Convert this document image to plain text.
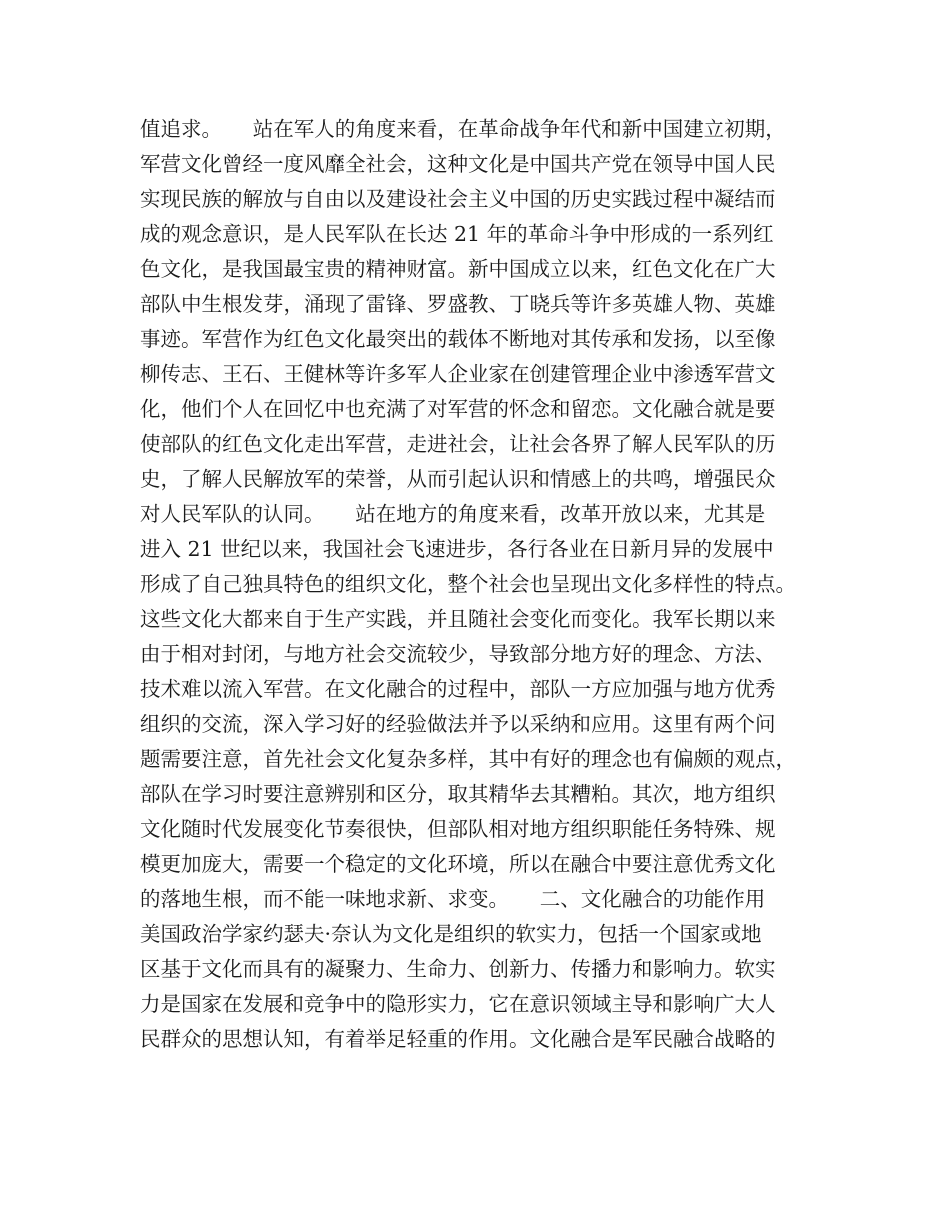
值追求。　　站在军人的角度来看，在革命战争年代和新中国建立初期，
军营文化曾经一度风靡全社会，这种文化是中国共产党在领导中国人民
实现民族的解放与自由以及建设社会主义中国的历史实践过程中凝结而
成的观念意识，是人民军队在长达 21 年的革命斗争中形成的一系列红
色文化，是我国最宝贵的精神财富。新中国成立以来，红色文化在广大
部队中生根发芽，涌现了雷锋、罗盛教、丁晓兵等许多英雄人物、英雄
事迹。军营作为红色文化最突出的载体不断地对其传承和发扬，以至像
柳传志、王石、王健林等许多军人企业家在创建管理企业中渗透军营文
化，他们个人在回忆中也充满了对军营的怀念和留恋。文化融合就是要
使部队的红色文化走出军营，走进社会，让社会各界了解人民军队的历
史，了解人民解放军的荣誉，从而引起认识和情感上的共鸣，增强民众
对人民军队的认同。　　站在地方的角度来看，改革开放以来，尤其是
进入 21 世纪以来，我国社会飞速进步，各行各业在日新月异的发展中
形成了自己独具特色的组织文化，整个社会也呈现出文化多样性的特点。
这些文化大都来自于生产实践，并且随社会变化而变化。我军长期以来
由于相对封闭，与地方社会交流较少，导致部分地方好的理念、方法、
技术难以流入军营。在文化融合的过程中，部队一方应加强与地方优秀
组织的交流，深入学习好的经验做法并予以采纳和应用。这里有两个问
题需要注意，首先社会文化复杂多样，其中有好的理念也有偏颇的观点，
部队在学习时要注意辨别和区分，取其精华去其糟粕。其次，地方组织
文化随时代发展变化节奏很快，但部队相对地方组织职能任务特殊、规
模更加庞大，需要一个稳定的文化环境，所以在融合中要注意优秀文化
的落地生根，而不能一味地求新、求变。　　二、文化融合的功能作用
美国政治学家约瑟夫·奈认为文化是组织的软实力，包括一个国家或地
区基于文化而具有的凝聚力、生命力、创新力、传播力和影响力。软实
力是国家在发展和竞争中的隐形实力，它在意识领域主导和影响广大人
民群众的思想认知，有着举足轻重的作用。文化融合是军民融合战略的
